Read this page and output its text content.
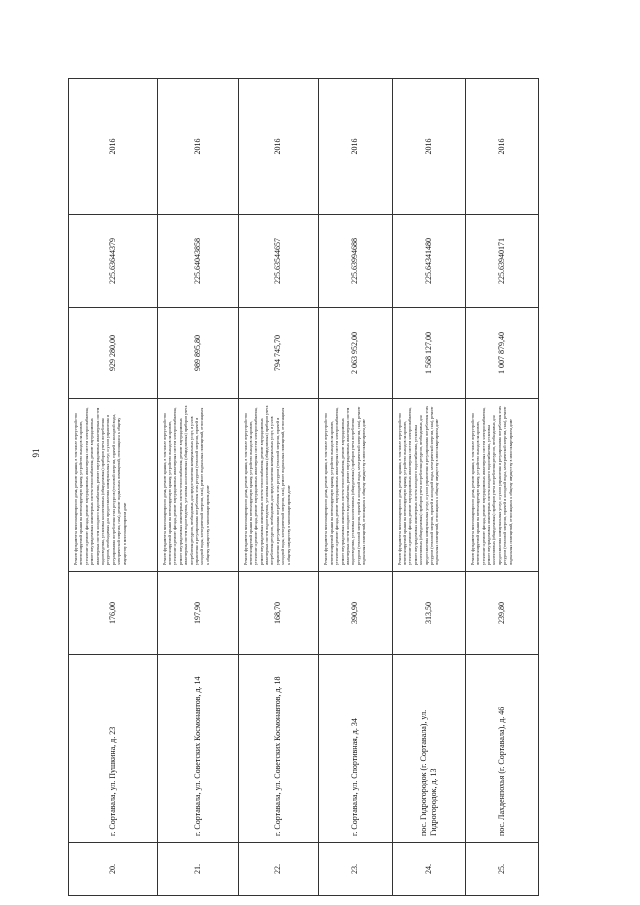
91
20.	г. Сортавала, ул. Пушкина, д. 23	176,00	Ремонт фундамента многоквартирного дома, ремонт крыши, в том числе переустройство невентилируемой крыши на вентилируемую крышу, устройство выходов на кровлю, утепление и ремонт фасада, ремонт внутридомовых инженерных систем электроснабжения, ремонт внутридомовых инженерных систем теплоснабжения, ремонт внутридомовых инженерных систем холодного водоснабжения, ремонт внутридомовых инженерных систем водоотведения, установка коллективных (общедомовых) приборов учета потребления ресурсов, необходимых для предоставления коммунальных услуг, и узлов управления и регулирования потребления этих ресурсов (тепловой энергии, горячей и холодной воды, электрической энергии, газа), ремонт подвальных помещений, относящихся к общему имуществу в многоквартирном доме	929 280,00	225.63644379	2016
21.	г. Сортавала, ул. Советских Космонавтов, д. 14	197,90	Ремонт фундамента многоквартирного дома, ремонт крыши, в том числе переустройство невентилируемой крыши на вентилируемую крышу, устройство выходов на кровлю, утепление и ремонт фасада, ремонт внутридомовых инженерных систем электроснабжения, ремонт внутридомовых инженерных систем теплоснабжения, ремонт внутридомовых инженерных систем водоотведения, установка коллективных (общедомовых) приборов учета потребления ресурсов, необходимых для предоставления коммунальных услуг, и узлов управления и регулирования потребления этих ресурсов (тепловой энергии, горячей и холодной воды, электрической энергии, газа), ремонт подвальных помещений, относящихся к общему имуществу в многоквартирном доме	989 895,80	225.64043858	2016
22.	г. Сортавала, ул. Советских Космонавтов, д. 18	168,70	Ремонт фундамента многоквартирного дома, ремонт крыши, в том числе переустройство невентилируемой крыши на вентилируемую крышу, устройство выходов на кровлю, утепление и ремонт фасада, ремонт внутридомовых инженерных систем электроснабжения, ремонт внутридомовых инженерных систем теплоснабжения, ремонт внутридомовых инженерных систем водоотведения, установка коллективных (общедомовых) приборов учета потребления ресурсов, необходимых для предоставления коммунальных услуг, и узлов управления и регулирования потребления этих ресурсов (тепловой энергии, горячей и холодной воды, электрической энергии, газа), ремонт подвальных помещений, относящихся к общему имуществу в многоквартирном доме	794 745,70	225.63544657	2016
23.	г. Сортавала, ул. Спортивная, д. 34	390,90	Ремонт фундамента многоквартирного дома, ремонт крыши, в том числе переустройство невентилируемой крыши на вентилируемую крышу, устройство выходов на кровлю, утепление и ремонт фасада, ремонт внутридомовых инженерных систем электроснабжения, ремонт внутридомовых инженерных систем теплоснабжения, ремонт внутридомовых инженерных систем холодного водоснабжения, ремонт внутридомовых инженерных систем водоотведения, установка коллективных (общедомовых) приборов учета потребления ресурсов (тепловой энергии, горячей и холодной воды, электрической энергии, газа), ремонт подвальных помещений, относящихся к общему имуществу в многоквартирном доме	2 063 952,00	225.63994688	2016
24.	пос. Гидрогородок (г. Сортавала), ул. Гидрогородок, д. 13	313,50	Ремонт фундамента многоквартирного дома, ремонт крыши, в том числе переустройство невентилируемой крыши на вентилируемую крышу, устройство выходов на кровлю, утепление и ремонт фасада, ремонт внутридомовых инженерных систем электроснабжения, ремонт внутридомовых инженерных систем холодного водоснабжения, установка коллективных (общедомовых) приборов учета потребления ресурсов, необходимых для предоставления коммунальных услуг, и узлов управления и регулирования потребления этих ресурсов (тепловой энергии, горячей и холодной воды, электрической энергии, газа), ремонт подвальных помещений, относящихся к общему имуществу в многоквартирном доме	1 568 127,00	225.64341480	2016
25.	пос. Лахденпохья (г. Сортавала), д. 46	239,80	Ремонт фундамента многоквартирного дома, ремонт крыши, в том числе переустройство невентилируемой крыши на вентилируемую крышу, устройство выходов на кровлю, утепление и ремонт фасада, ремонт внутридомовых инженерных систем электроснабжения, ремонт внутридомовых инженерных систем холодного водоснабжения, установка коллективных (общедомовых) приборов учета потребления ресурсов, необходимых для предоставления коммунальных услуг, и узлов управления и регулирования потребления этих ресурсов (тепловой энергии, горячей и холодной воды, электрической энергии, газа), ремонт подвальных помещений, относящихся к общему имуществу в многоквартирном доме	1 007 879,40	225.63940171	2016
